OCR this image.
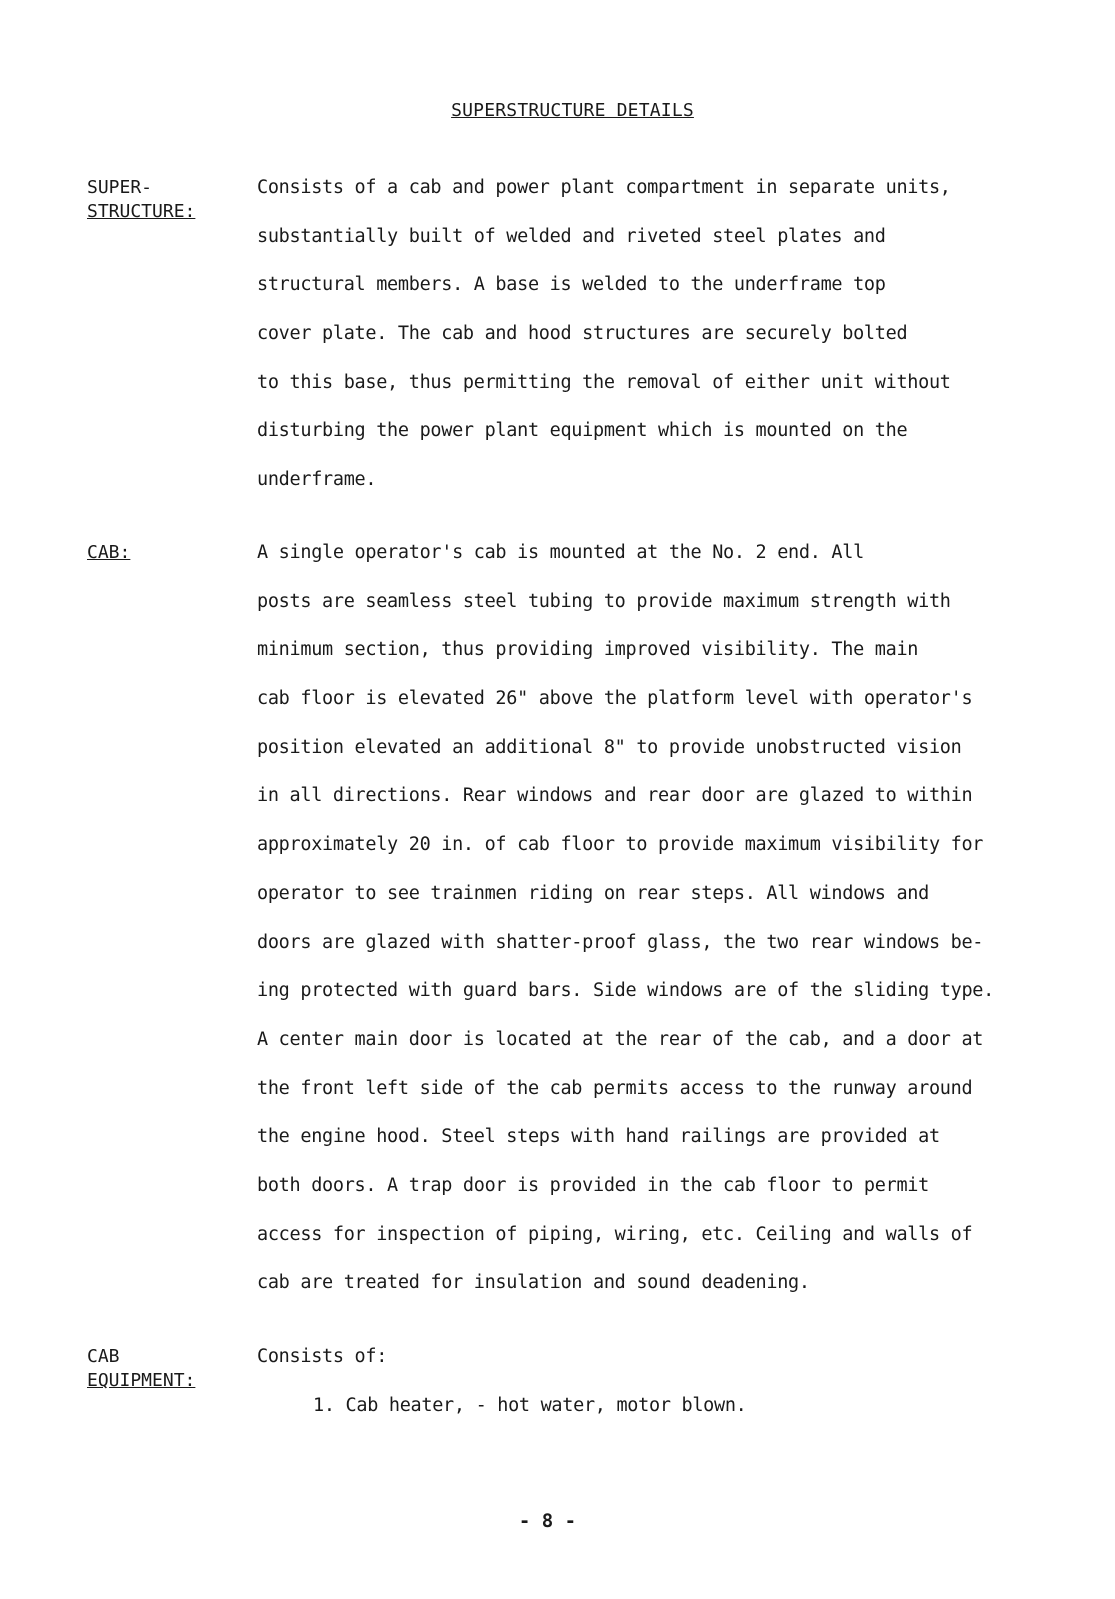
SUPERSTRUCTURE DETAILS
SUPER-
STRUCTURE:
Consists of a cab and power plant compartment in separate units,
substantially built of welded and riveted steel plates and
structural members. A base is welded to the underframe top
cover plate. The cab and hood structures are securely bolted
to this base, thus permitting the removal of either unit without
disturbing the power plant equipment which is mounted on the
underframe.
CAB:	A single operator's cab is mounted at the No. 2 end. All
posts are seamless steel tubing to provide maximum strength with
minimum section, thus providing improved visibility. The main
cab floor is elevated 26" above the platform level with operator's
position elevated an additional 8" to provide unobstructed vision
in all directions. Rear windows and rear door are glazed to within
approximately 20 in. of cab floor to provide maximum visibility for
operator to see trainmen riding on rear steps. All windows and
doors are glazed with shatter-proof glass, the two rear windows be-
ing protected with guard bars. Side windows are of the sliding type.
A center main door is located at the rear of the cab, and a door at
the front left side of the cab permits access to the runway around
the engine hood. Steel steps with hand railings are provided at
both doors. A trap door is provided in the cab floor to permit
access for inspection of piping, wiring, etc. Ceiling and walls of
cab are treated for insulation and sound deadening.
CAB
EQUIPMENT:
Consists of:
1. Cab heater, - hot water, motor blown.
- 8 -
